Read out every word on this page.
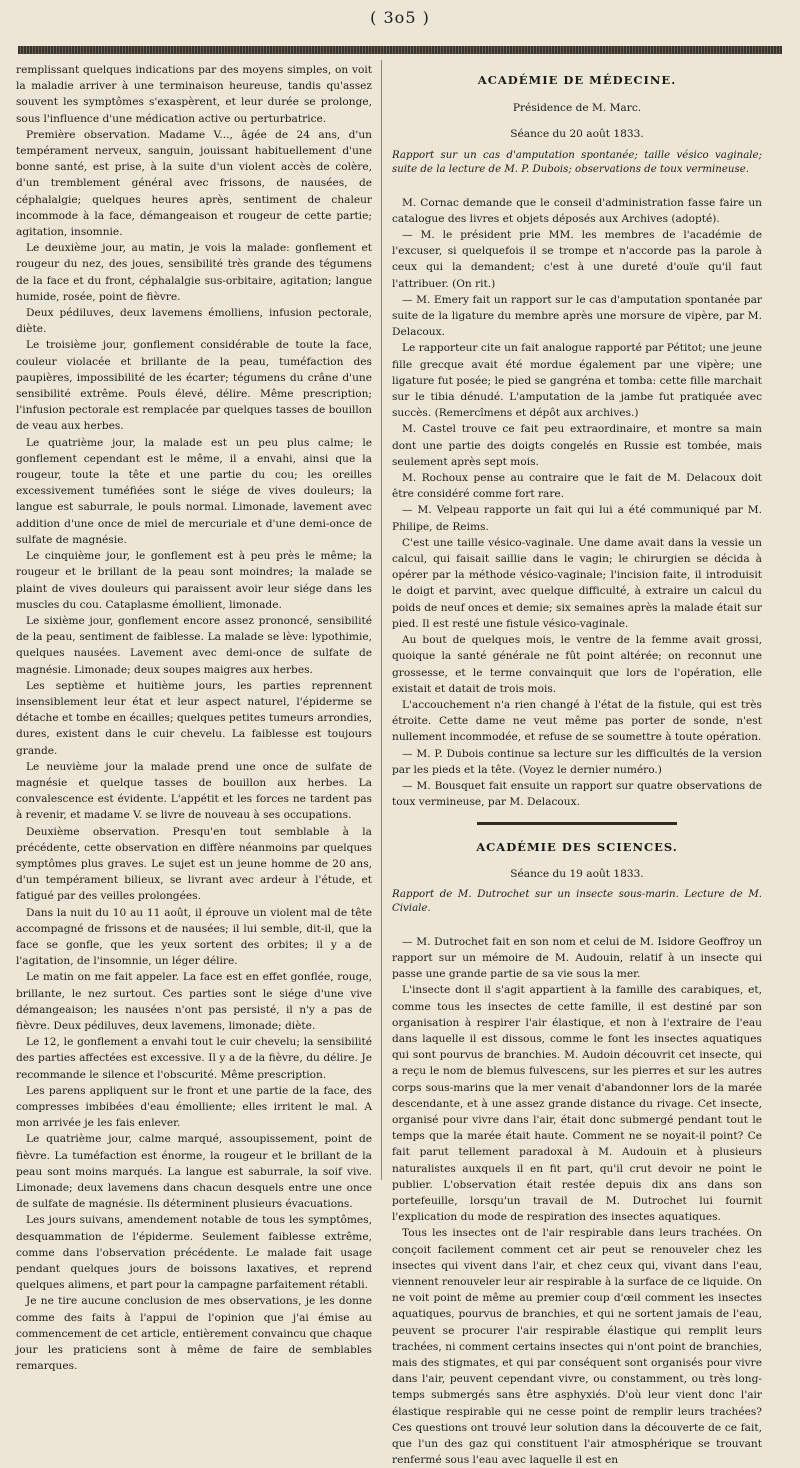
( 3o5 )

remplissant quelques indications par des moyens simples, on voit la maladie arriver à une terminaison heureuse, tandis qu'assez souvent les symptômes s'exaspèrent, et leur durée se prolonge, sous l'influence d'une médication active ou perturbatrice.

Première observation. Madame V..., âgée de 24 ans, d'un tempérament nerveux, sanguin, jouissant habituellement d'une bonne santé, est prise, à la suite d'un violent accès de colère, d'un tremblement général avec frissons, de nausées, de céphalalgie; quelques heures après, sentiment de chaleur incommode à la face, démangeaison et rougeur de cette partie; agitation, insomnie.

Le deuxième jour, au matin, je vois la malade: gonflement et rougeur du nez, des joues, sensibilité très grande des tégumens de la face et du front, céphalalgie sus-orbitaire, agitation; langue humide, rosée, point de fièvre.

Deux pédiluves, deux lavemens émolliens, infusion pectorale, diète.

Le troisième jour, gonflement considérable de toute la face, couleur violacée et brillante de la peau, tuméfaction des paupières, impossibilité de les écarter; tégumens du crâne d'une sensibilité extrême. Pouls élevé, délire. Même prescription; l'infusion pectorale est remplacée par quelques tasses de bouillon de veau aux herbes.

Le quatrième jour, la malade est un peu plus calme; le gonflement cependant est le même, il a envahi, ainsi que la rougeur, toute la tête et une partie du cou; les oreilles excessivement tuméfiées sont le siége de vives douleurs; la langue est saburrale, le pouls normal. Limonade, lavement avec addition d'une once de miel de mercuriale et d'une demi-once de sulfate de magnésie.

Le cinquième jour, le gonflement est à peu près le même; la rougeur et le brillant de la peau sont moindres; la malade se plaint de vives douleurs qui paraissent avoir leur siége dans les muscles du cou. Cataplasme émollient, limonade.

Le sixième jour, gonflement encore assez prononcé, sensibilité de la peau, sentiment de faiblesse. La malade se lève: lypothimie, quelques nausées. Lavement avec demi-once de sulfate de magnésie. Limonade; deux soupes maigres aux herbes.

Les septième et huitième jours, les parties reprennent insensiblement leur état et leur aspect naturel, l'épiderme se détache et tombe en écailles; quelques petites tumeurs arrondies, dures, existent dans le cuir chevelu. La faiblesse est toujours grande.

Le neuvième jour la malade prend une once de sulfate de magnésie et quelque tasses de bouillon aux herbes. La convalescence est évidente. L'appétit et les forces ne tardent pas à revenir, et madame V. se livre de nouveau à ses occupations.

Deuxième observation. Presqu'en tout semblable à la précédente, cette observation en diffère néanmoins par quelques symptômes plus graves. Le sujet est un jeune homme de 20 ans, d'un tempérament bilieux, se livrant avec ardeur à l'étude, et fatigué par des veilles prolongées.

Dans la nuit du 10 au 11 août, il éprouve un violent mal de tête accompagné de frissons et de nausées; il lui semble, dit-il, que la face se gonfle, que les yeux sortent des orbites; il y a de l'agitation, de l'insomnie, un léger délire.

Le matin on me fait appeler. La face est en effet gonflée, rouge, brillante, le nez surtout. Ces parties sont le siége d'une vive démangeaison; les nausées n'ont pas persisté, il n'y a pas de fièvre. Deux pédiluves, deux lavemens, limonade; diète.

Le 12, le gonflement a envahi tout le cuir chevelu; la sensibilité des parties affectées est excessive. Il y a de la fièvre, du délire. Je recommande le silence et l'obscurité. Même prescription.

Les parens appliquent sur le front et une partie de la face, des compresses imbibées d'eau émolliente; elles irritent le mal. A mon arrivée je les fais enlever.

Le quatrième jour, calme marqué, assoupissement, point de fièvre. La tuméfaction est énorme, la rougeur et le brillant de la peau sont moins marqués. La langue est saburrale, la soif vive. Limonade; deux lavemens dans chacun desquels entre une once de sulfate de magnésie. Ils déterminent plusieurs évacuations.

Les jours suivans, amendement notable de tous les symptômes, desquammation de l'épiderme. Seulement faiblesse extrême, comme dans l'observation précédente. Le malade fait usage pendant quelques jours de boissons laxatives, et reprend quelques alimens, et part pour la campagne parfaitement rétabli.

Je ne tire aucune conclusion de mes observations, je les donne comme des faits à l'appui de l'opinion que j'ai émise au commencement de cet article, entièrement convaincu que chaque jour les praticiens sont à même de faire de semblables remarques.

ACADÉMIE DE MÉDECINE.

Présidence de M. Marc.

Séance du 20 août 1833.

Rapport sur un cas d'amputation spontanée; taille vésico vaginale; suite de la lecture de M. P. Dubois; observations de toux vermineuse.

M. Cornac demande que le conseil d'administration fasse faire un catalogue des livres et objets déposés aux Archives (adopté).

— M. le président prie MM. les membres de l'académie de l'excuser, si quelquefois il se trompe et n'accorde pas la parole à ceux qui la demandent; c'est à une dureté d'ouïe qu'il faut l'attribuer. (On rit.)

— M. Emery fait un rapport sur le cas d'amputation spontanée par suite de la ligature du membre après une morsure de vipère, par M. Delacoux.

Le rapporteur cite un fait analogue rapporté par Pétitot; une jeune fille grecque avait été mordue également par une vipère; une ligature fut posée; le pied se gangréna et tomba: cette fille marchait sur le tibia dénudé. L'amputation de la jambe fut pratiquée avec succès. (Remercîmens et dépôt aux archives.)

M. Castel trouve ce fait peu extraordinaire, et montre sa main dont une partie des doigts congelés en Russie est tombée, mais seulement après sept mois.

M. Rochoux pense au contraire que le fait de M. Delacoux doit être considéré comme fort rare.

— M. Velpeau rapporte un fait qui lui a été communiqué par M. Philipe, de Reims.

C'est une taille vésico-vaginale. Une dame avait dans la vessie un calcul, qui faisait saillie dans le vagin; le chirurgien se décida à opérer par la méthode vésico-vaginale; l'incision faite, il introduisit le doigt et parvint, avec quelque difficulté, à extraire un calcul du poids de neuf onces et demie; six semaines après la malade était sur pied. Il est resté une fistule vésico-vaginale.

Au bout de quelques mois, le ventre de la femme avait grossi, quoique la santé générale ne fût point altérée; on reconnut une grossesse, et le terme convainquit que lors de l'opération, elle existait et datait de trois mois.

L'accouchement n'a rien changé à l'état de la fistule, qui est très étroite. Cette dame ne veut même pas porter de sonde, n'est nullement incommodée, et refuse de se soumettre à toute opération.

— M. P. Dubois continue sa lecture sur les difficultés de la version par les pieds et la tête. (Voyez le dernier numéro.)

— M. Bousquet fait ensuite un rapport sur quatre observations de toux vermineuse, par M. Delacoux.

ACADÉMIE DES SCIENCES.

Séance du 19 août 1833.

Rapport de M. Dutrochet sur un insecte sous-marin. Lecture de M. Civiale.

— M. Dutrochet fait en son nom et celui de M. Isidore Geoffroy un rapport sur un mémoire de M. Audouin, relatif à un insecte qui passe une grande partie de sa vie sous la mer.

L'insecte dont il s'agit appartient à la famille des carabiques, et, comme tous les insectes de cette famille, il est destiné par son organisation à respirer l'air élastique, et non à l'extraire de l'eau dans laquelle il est dissous, comme le font les insectes aquatiques qui sont pourvus de branchies. M. Audoin découvrit cet insecte, qui a reçu le nom de blemus fulvescens, sur les pierres et sur les autres corps sous-marins que la mer venait d'abandonner lors de la marée descendante, et à une assez grande distance du rivage. Cet insecte, organisé pour vivre dans l'air, était donc submergé pendant tout le temps que la marée était haute. Comment ne se noyait-il point? Ce fait parut tellement paradoxal à M. Audouin et à plusieurs naturalistes auxquels il en fit part, qu'il crut devoir ne point le publier. L'observation était restée depuis dix ans dans son portefeuille, lorsqu'un travail de M. Dutrochet lui fournit l'explication du mode de respiration des insectes aquatiques.

Tous les insectes ont de l'air respirable dans leurs trachées. On conçoit facilement comment cet air peut se renouveler chez les insectes qui vivent dans l'air, et chez ceux qui, vivant dans l'eau, viennent renouveler leur air respirable à la surface de ce liquide. On ne voit point de même au premier coup d'œil comment les insectes aquatiques, pourvus de branchies, et qui ne sortent jamais de l'eau, peuvent se procurer l'air respirable élastique qui remplit leurs trachées, ni comment certains insectes qui n'ont point de branchies, mais des stigmates, et qui par conséquent sont organisés pour vivre dans l'air, peuvent cependant vivre, ou constamment, ou très long-temps submergés sans être asphyxiés. D'où leur vient donc l'air élastique respirable qui ne cesse point de remplir leurs trachées? Ces questions ont trouvé leur solution dans la découverte de ce fait, que l'un des gaz qui constituent l'air atmosphérique se trouvant renfermé sous l'eau avec laquelle il est en
